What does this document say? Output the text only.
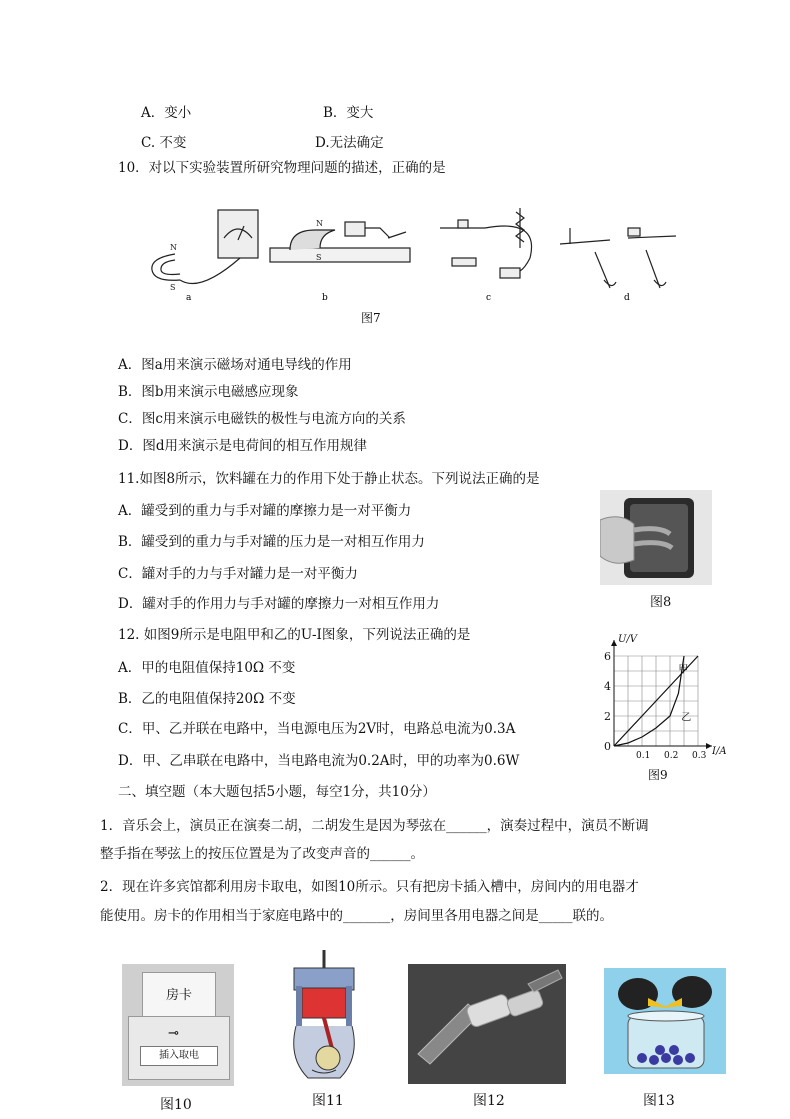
A．变小	B．变大
C. 不变	D.无法确定
10．对以下实验装置所研究物理问题的描述，正确的是
N
S
a
N
S
b	c	d
图7
A．图a用来演示磁场对通电导线的作用
B．图b用来演示电磁感应现象
C．图c用来演示电磁铁的极性与电流方向的关系
D．图d用来演示是电荷间的相互作用规律
11.如图8所示，饮料罐在力的作用下处于静止状态。下列说法正确的是
A．罐受到的重力与手对罐的摩擦力是一对平衡力
B．罐受到的重力与手对罐的压力是一对相互作用力
C．罐对手的力与手对罐力是一对平衡力
D．罐对手的作用力与手对罐的摩擦力一对相互作用力	图8
12. 如图9所示是电阻甲和乙的U-I图象，下列说法正确的是
A．甲的电阻值保持10Ω 不变
B．乙的电阻值保持20Ω 不变
C．甲、乙并联在电路中，当电源电压为2V时，电路总电流为0.3A
D．甲、乙串联在电路中，当电路电流为0.2A时，甲的功率为0.6W	0.1 0.2 0.3
0
2
4
6
I/A
U/V
甲
乙
图9
二、填空题（本大题包括5小题，每空1分，共10分）
1．音乐会上，演员正在演奏二胡，二胡发生是因为琴弦在______，演奏过程中，演员不断调
整手指在琴弦上的按压位置是为了改变声音的______。
2．现在许多宾馆都利用房卡取电，如图10所示。只有把房卡插入槽中，房间内的用电器才
能使用。房卡的作用相当于家庭电路中的_______，房间里各用电器之间是_____联的。
房卡
⊸
插入取电
图10	图11	图12	图13
